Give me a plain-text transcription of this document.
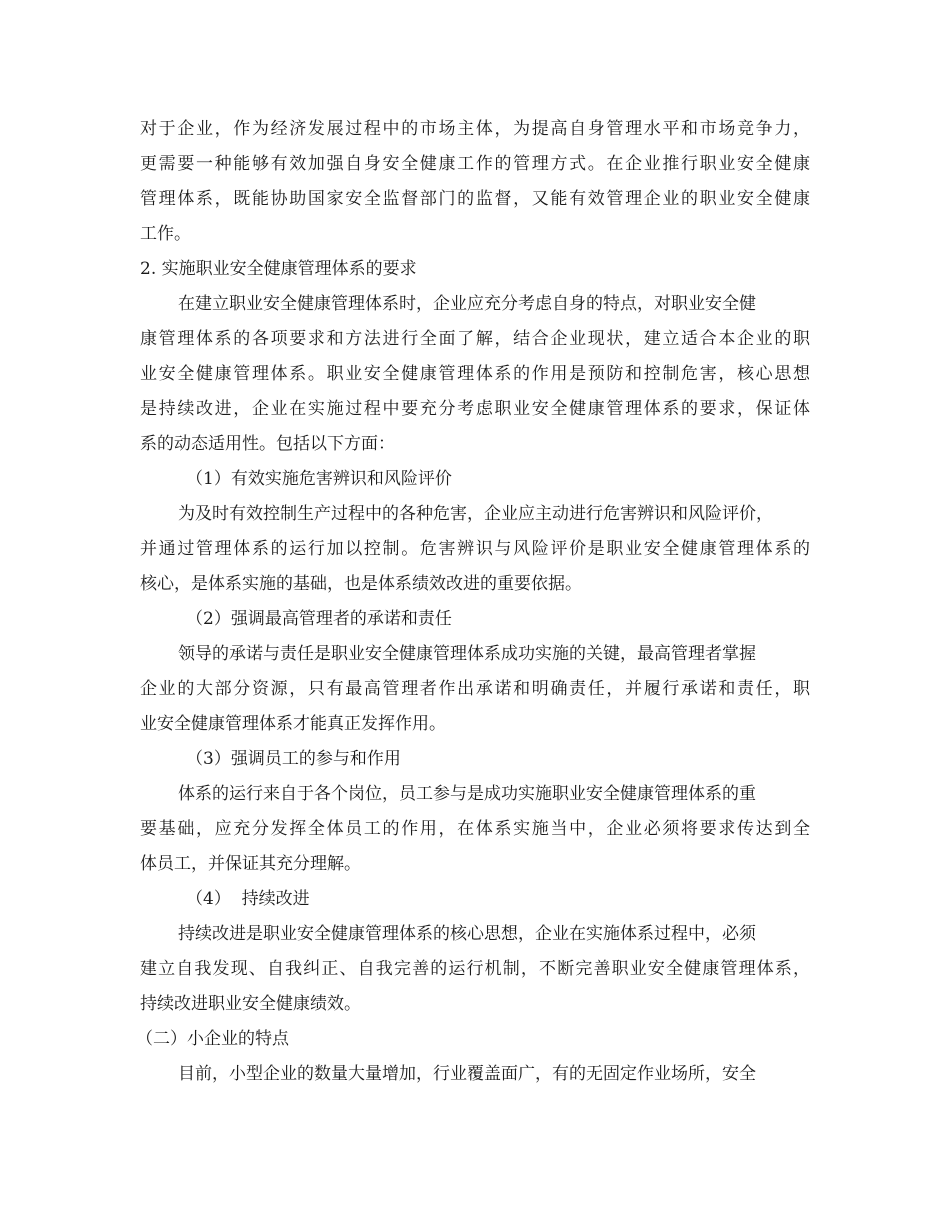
对于企业，作为经济发展过程中的市场主体，为提高自身管理水平和市场竞争力，
更需要一种能够有效加强自身安全健康工作的管理方式。在企业推行职业安全健康
管理体系，既能协助国家安全监督部门的监督，又能有效管理企业的职业安全健康
工作。
2. 实施职业安全健康管理体系的要求
在建立职业安全健康管理体系时，企业应充分考虑自身的特点，对职业安全健
康管理体系的各项要求和方法进行全面了解，结合企业现状，建立适合本企业的职
业安全健康管理体系。职业安全健康管理体系的作用是预防和控制危害，核心思想
是持续改进，企业在实施过程中要充分考虑职业安全健康管理体系的要求，保证体
系的动态适用性。包括以下方面：
（1）有效实施危害辨识和风险评价
为及时有效控制生产过程中的各种危害，企业应主动进行危害辨识和风险评价，
并通过管理体系的运行加以控制。危害辨识与风险评价是职业安全健康管理体系的
核心，是体系实施的基础，也是体系绩效改进的重要依据。
（2）强调最高管理者的承诺和责任
领导的承诺与责任是职业安全健康管理体系成功实施的关键，最高管理者掌握
企业的大部分资源，只有最高管理者作出承诺和明确责任，并履行承诺和责任，职
业安全健康管理体系才能真正发挥作用。
（3）强调员工的参与和作用
体系的运行来自于各个岗位，员工参与是成功实施职业安全健康管理体系的重
要基础，应充分发挥全体员工的作用，在体系实施当中，企业必须将要求传达到全
体员工，并保证其充分理解。
（4）  持续改进
持续改进是职业安全健康管理体系的核心思想，企业在实施体系过程中，必须
建立自我发现、自我纠正、自我完善的运行机制，不断完善职业安全健康管理体系，
持续改进职业安全健康绩效。
（二）小企业的特点
目前，小型企业的数量大量增加，行业覆盖面广，有的无固定作业场所，安全
